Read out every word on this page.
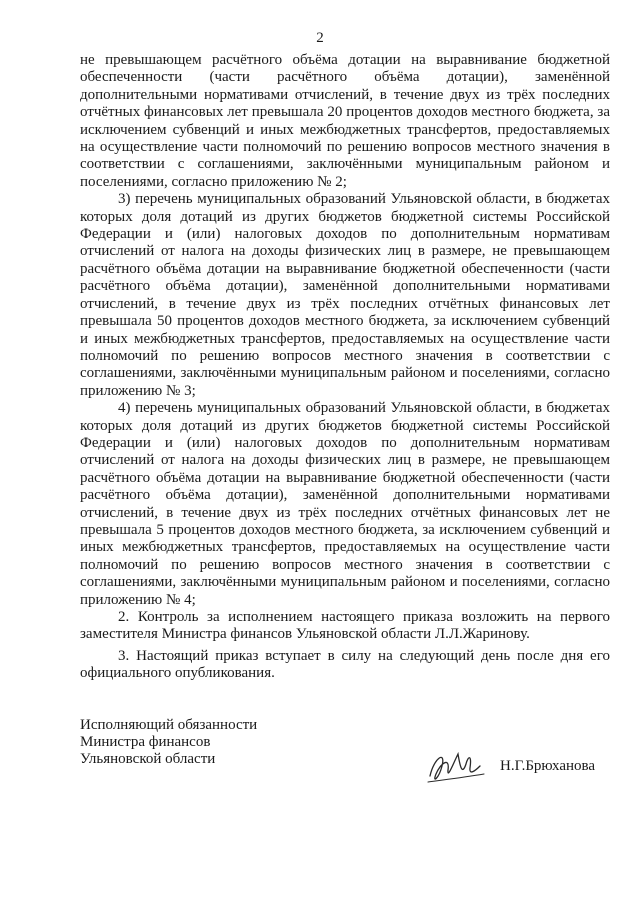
2

не превышающем расчётного объёма дотации на выравнивание бюджетной обеспеченности (части расчётного объёма дотации), заменённой дополнительными нормативами отчислений, в течение двух из трёх последних отчётных финансовых лет превышала 20 процентов доходов местного бюджета, за исключением субвенций и иных межбюджетных трансфертов, предоставляемых на осуществление части полномочий по решению вопросов местного значения в соответствии с соглашениями, заключёнными муниципальным районом и поселениями, согласно приложению № 2;

3) перечень муниципальных образований Ульяновской области, в бюджетах которых доля дотаций из других бюджетов бюджетной системы Российской Федерации и (или) налоговых доходов по дополнительным нормативам отчислений от налога на доходы физических лиц в размере, не превышающем расчётного объёма дотации на выравнивание бюджетной обеспеченности (части расчётного объёма дотации), заменённой дополнительными нормативами отчислений, в течение двух из трёх последних отчётных финансовых лет превышала 50 процентов доходов местного бюджета, за исключением субвенций и иных межбюджетных трансфертов, предоставляемых на осуществление части полномочий по решению вопросов местного значения в соответствии с соглашениями, заключёнными муниципальным районом и поселениями, согласно приложению № 3;

4) перечень муниципальных образований Ульяновской области, в бюджетах которых доля дотаций из других бюджетов бюджетной системы Российской Федерации и (или) налоговых доходов по дополнительным нормативам отчислений от налога на доходы физических лиц в размере, не превышающем расчётного объёма дотации на выравнивание бюджетной обеспеченности (части расчётного объёма дотации), заменённой дополнительными нормативами отчислений, в течение двух из трёх последних отчётных финансовых лет не превышала 5 процентов доходов местного бюджета, за исключением субвенций и иных межбюджетных трансфертов, предоставляемых на осуществление части полномочий по решению вопросов местного значения в соответствии с соглашениями, заключёнными муниципальным районом и поселениями, согласно приложению № 4;

2. Контроль за исполнением настоящего приказа возложить на первого заместителя Министра финансов Ульяновской области Л.Л.Жаринову.

3. Настоящий приказ вступает в силу на следующий день после дня его официального опубликования.

Исполняющий обязанности
Министра финансов
Ульяновской области	Н.Г.Брюханова
